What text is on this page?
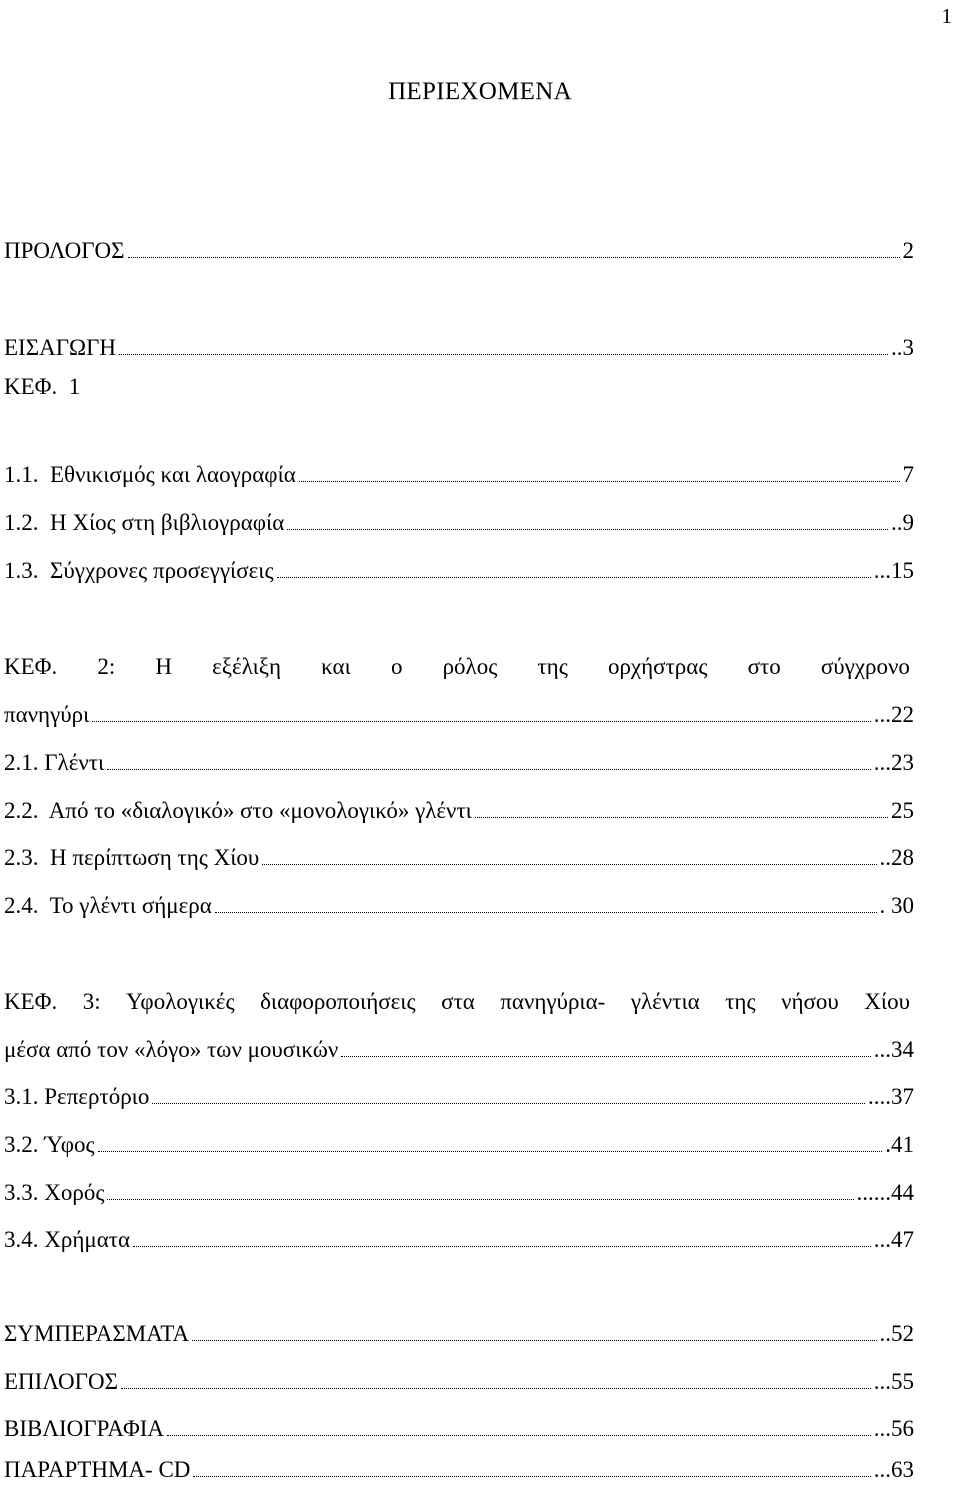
1
ΠΕΡΙΕΧΟΜΕΝΑ
ΠΡΟΛΟΓΟΣ	2
ΕΙΣΑΓΩΓΗ	..3
ΚΕΦ.  1
1.1.  Εθνικισμός και λαογραφία	7
1.2.  Η Χίος στη βιβλιογραφία	..9
1.3.  Σύγχρονες προσεγγίσεις	...15
ΚΕΦ. 2: Η εξέλιξη και ο ρόλος της ορχήστρας στο σύγχρονο
πανηγύρι	...22
2.1. Γλέντι	...23
2.2.  Από το «διαλογικό» στο «μονολογικό» γλέντι	25
2.3.  Η περίπτωση της Χίου	..28
2.4.  Το γλέντι σήμερα	. 30
ΚΕΦ. 3: Υφολογικές διαφοροποιήσεις στα πανηγύρια- γλέντια της νήσου Χίου
μέσα από τον «λόγο» των μουσικών	...34
3.1. Ρεπερτόριο	....37
3.2. Ύφος	.41
3.3. Χορός	......44
3.4. Χρήματα	...47
ΣΥΜΠΕΡΑΣΜΑΤΑ	..52
ΕΠΙΛΟΓΟΣ	...55
ΒΙΒΛΙΟΓΡΑΦΙΑ	...56
ΠΑΡΑΡΤΗΜΑ- CD	...63
